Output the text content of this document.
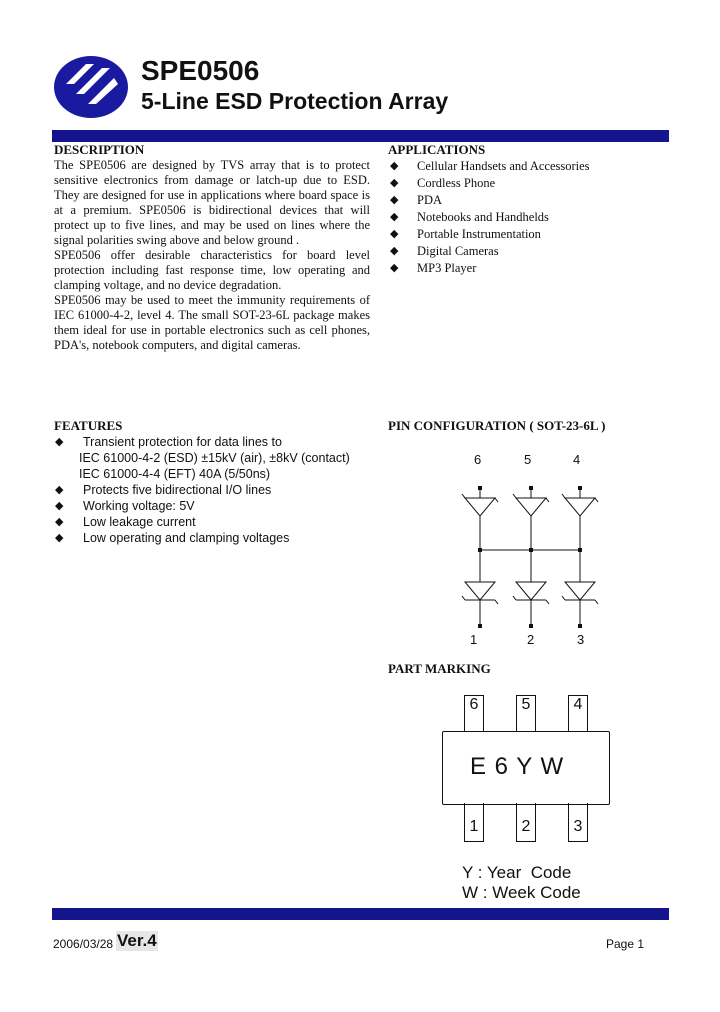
SPE0506
5-Line ESD Protection Array
DESCRIPTION

The SPE0506 are designed by TVS array that is to protect sensitive electronics from damage or latch-up due to ESD. They are designed for use in applications where board space is at a premium. SPE0506 is bidirectional devices that will protect up to five lines, and may be used on lines where the signal polarities swing above and below ground .

SPE0506 offer desirable characteristics for board level protection including fast response time, low operating and clamping voltage, and no device degradation.

SPE0506 may be used to meet the immunity requirements of IEC 61000-4-2, level 4. The small SOT-23-6L package makes them ideal for use in portable electronics such as cell phones, PDA's, notebook computers, and digital cameras.

APPLICATIONS
◆ Cellular Handsets and Accessories
◆ Cordless Phone
◆ PDA
◆ Notebooks and Handhelds
◆ Portable Instrumentation
◆ Digital Cameras
◆ MP3 Player
FEATURES
◆ Transient protection for data lines to
IEC 61000-4-2 (ESD) ±15kV (air), ±8kV (contact)
IEC 61000-4-4 (EFT) 40A (5/50ns)
◆ Protects five bidirectional I/O lines
◆ Working voltage: 5V
◆ Low leakage current
◆ Low operating and clamping voltages
PIN CONFIGURATION ( SOT-23-6L )
6	5	4
1	2	3
PART MARKING
6	5	4
E 6 Y W
1	2	3
Y : Year  Code
W : Week Code
2006/03/28 Ver.4	Page 1
